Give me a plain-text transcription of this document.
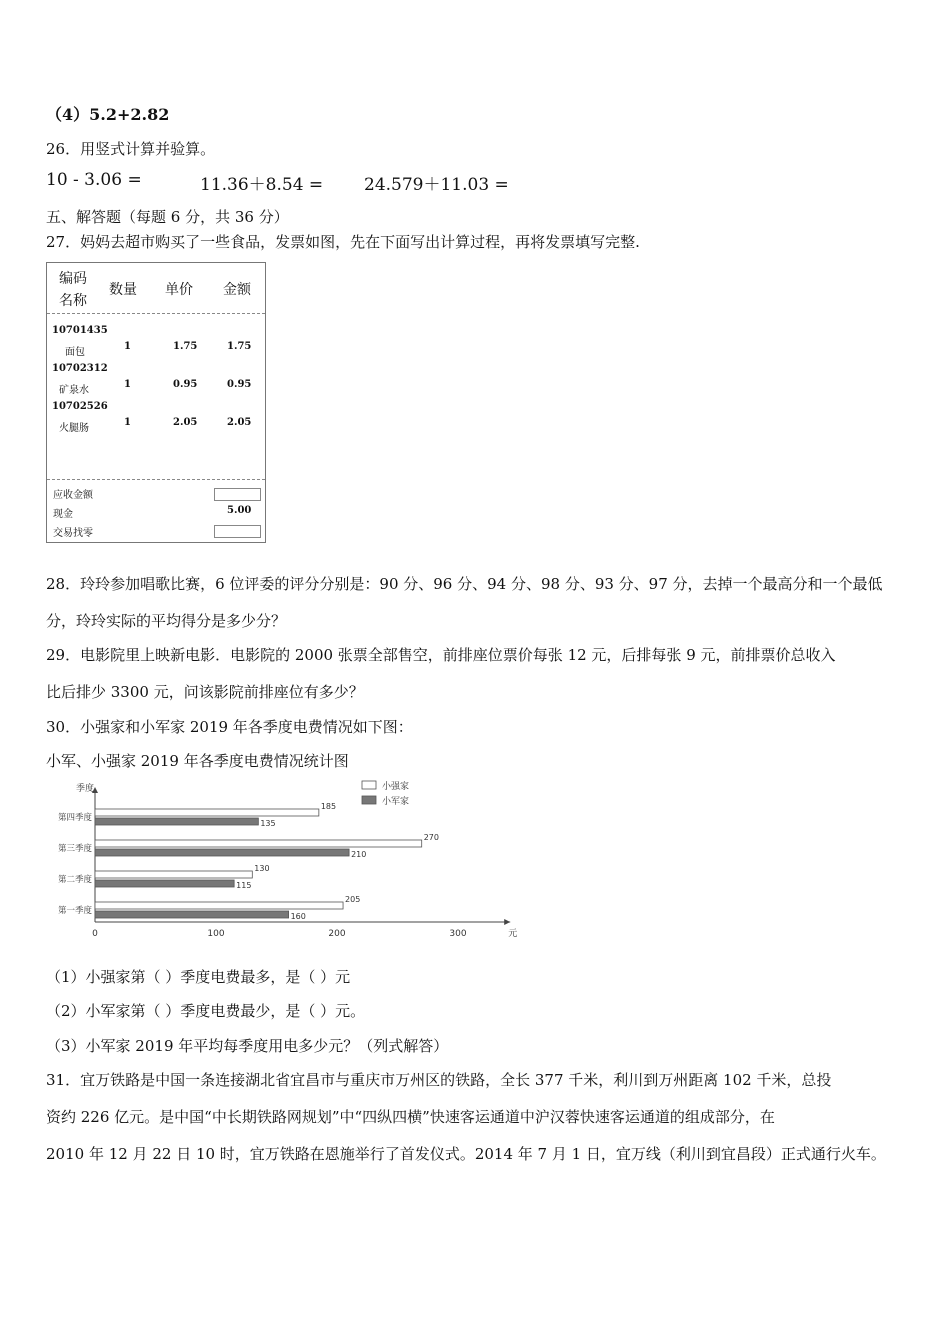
（4）5.2+2.82
26．用竖式计算并验算。
10 - 3.06 =	11.36＋8.54 = 24.579＋11.03 =
五、解答题（每题 6 分，共 36 分）
27．妈妈去超市购买了一些食品，发票如图，先在下面写出计算过程，再将发票填写完整.
编码
名称
数量 单价 金额
10701435
面包
1	1.75	1.75
10702312
矿泉水
1	0.95	0.95
10702526
火腿肠
1	2.05	2.05
应收金额
现金	5.00
交易找零
28．玲玲参加唱歌比赛，6 位评委的评分分别是：90 分、96 分、94 分、98 分、93 分、97 分，去掉一个最高分和一个最低
分，玲玲实际的平均得分是多少分？
29．电影院里上映新电影．电影院的 2000 张票全部售空，前排座位票价每张 12 元，后排每张 9 元，前排票价总收入
比后排少 3300 元，问该影院前排座位有多少？
30．小强家和小军家 2019 年各季度电费情况如下图：
小军、小强家 2019 年各季度电费情况统计图
季度
元
0	100	200	300
小强家
小军家
第一季度
205
160
第二季度
130
115
第三季度
270
210
第四季度
185
135
（1）小强家第（ ）季度电费最多，是（ ）元
（2）小军家第（ ）季度电费最少，是（ ）元。
（3）小军家 2019 年平均每季度用电多少元？（列式解答）
31．宜万铁路是中国一条连接湖北省宜昌市与重庆市万州区的铁路，全长 377 千米，利川到万州距离 102 千米，总投
资约 226 亿元。是中国“中长期铁路网规划”中“四纵四横”快速客运通道中沪汉蓉快速客运通道的组成部分，在
2010 年 12 月 22 日 10 时，宜万铁路在恩施举行了首发仪式。2014 年 7 月 1 日，宜万线（利川到宜昌段）正式通行火车。
